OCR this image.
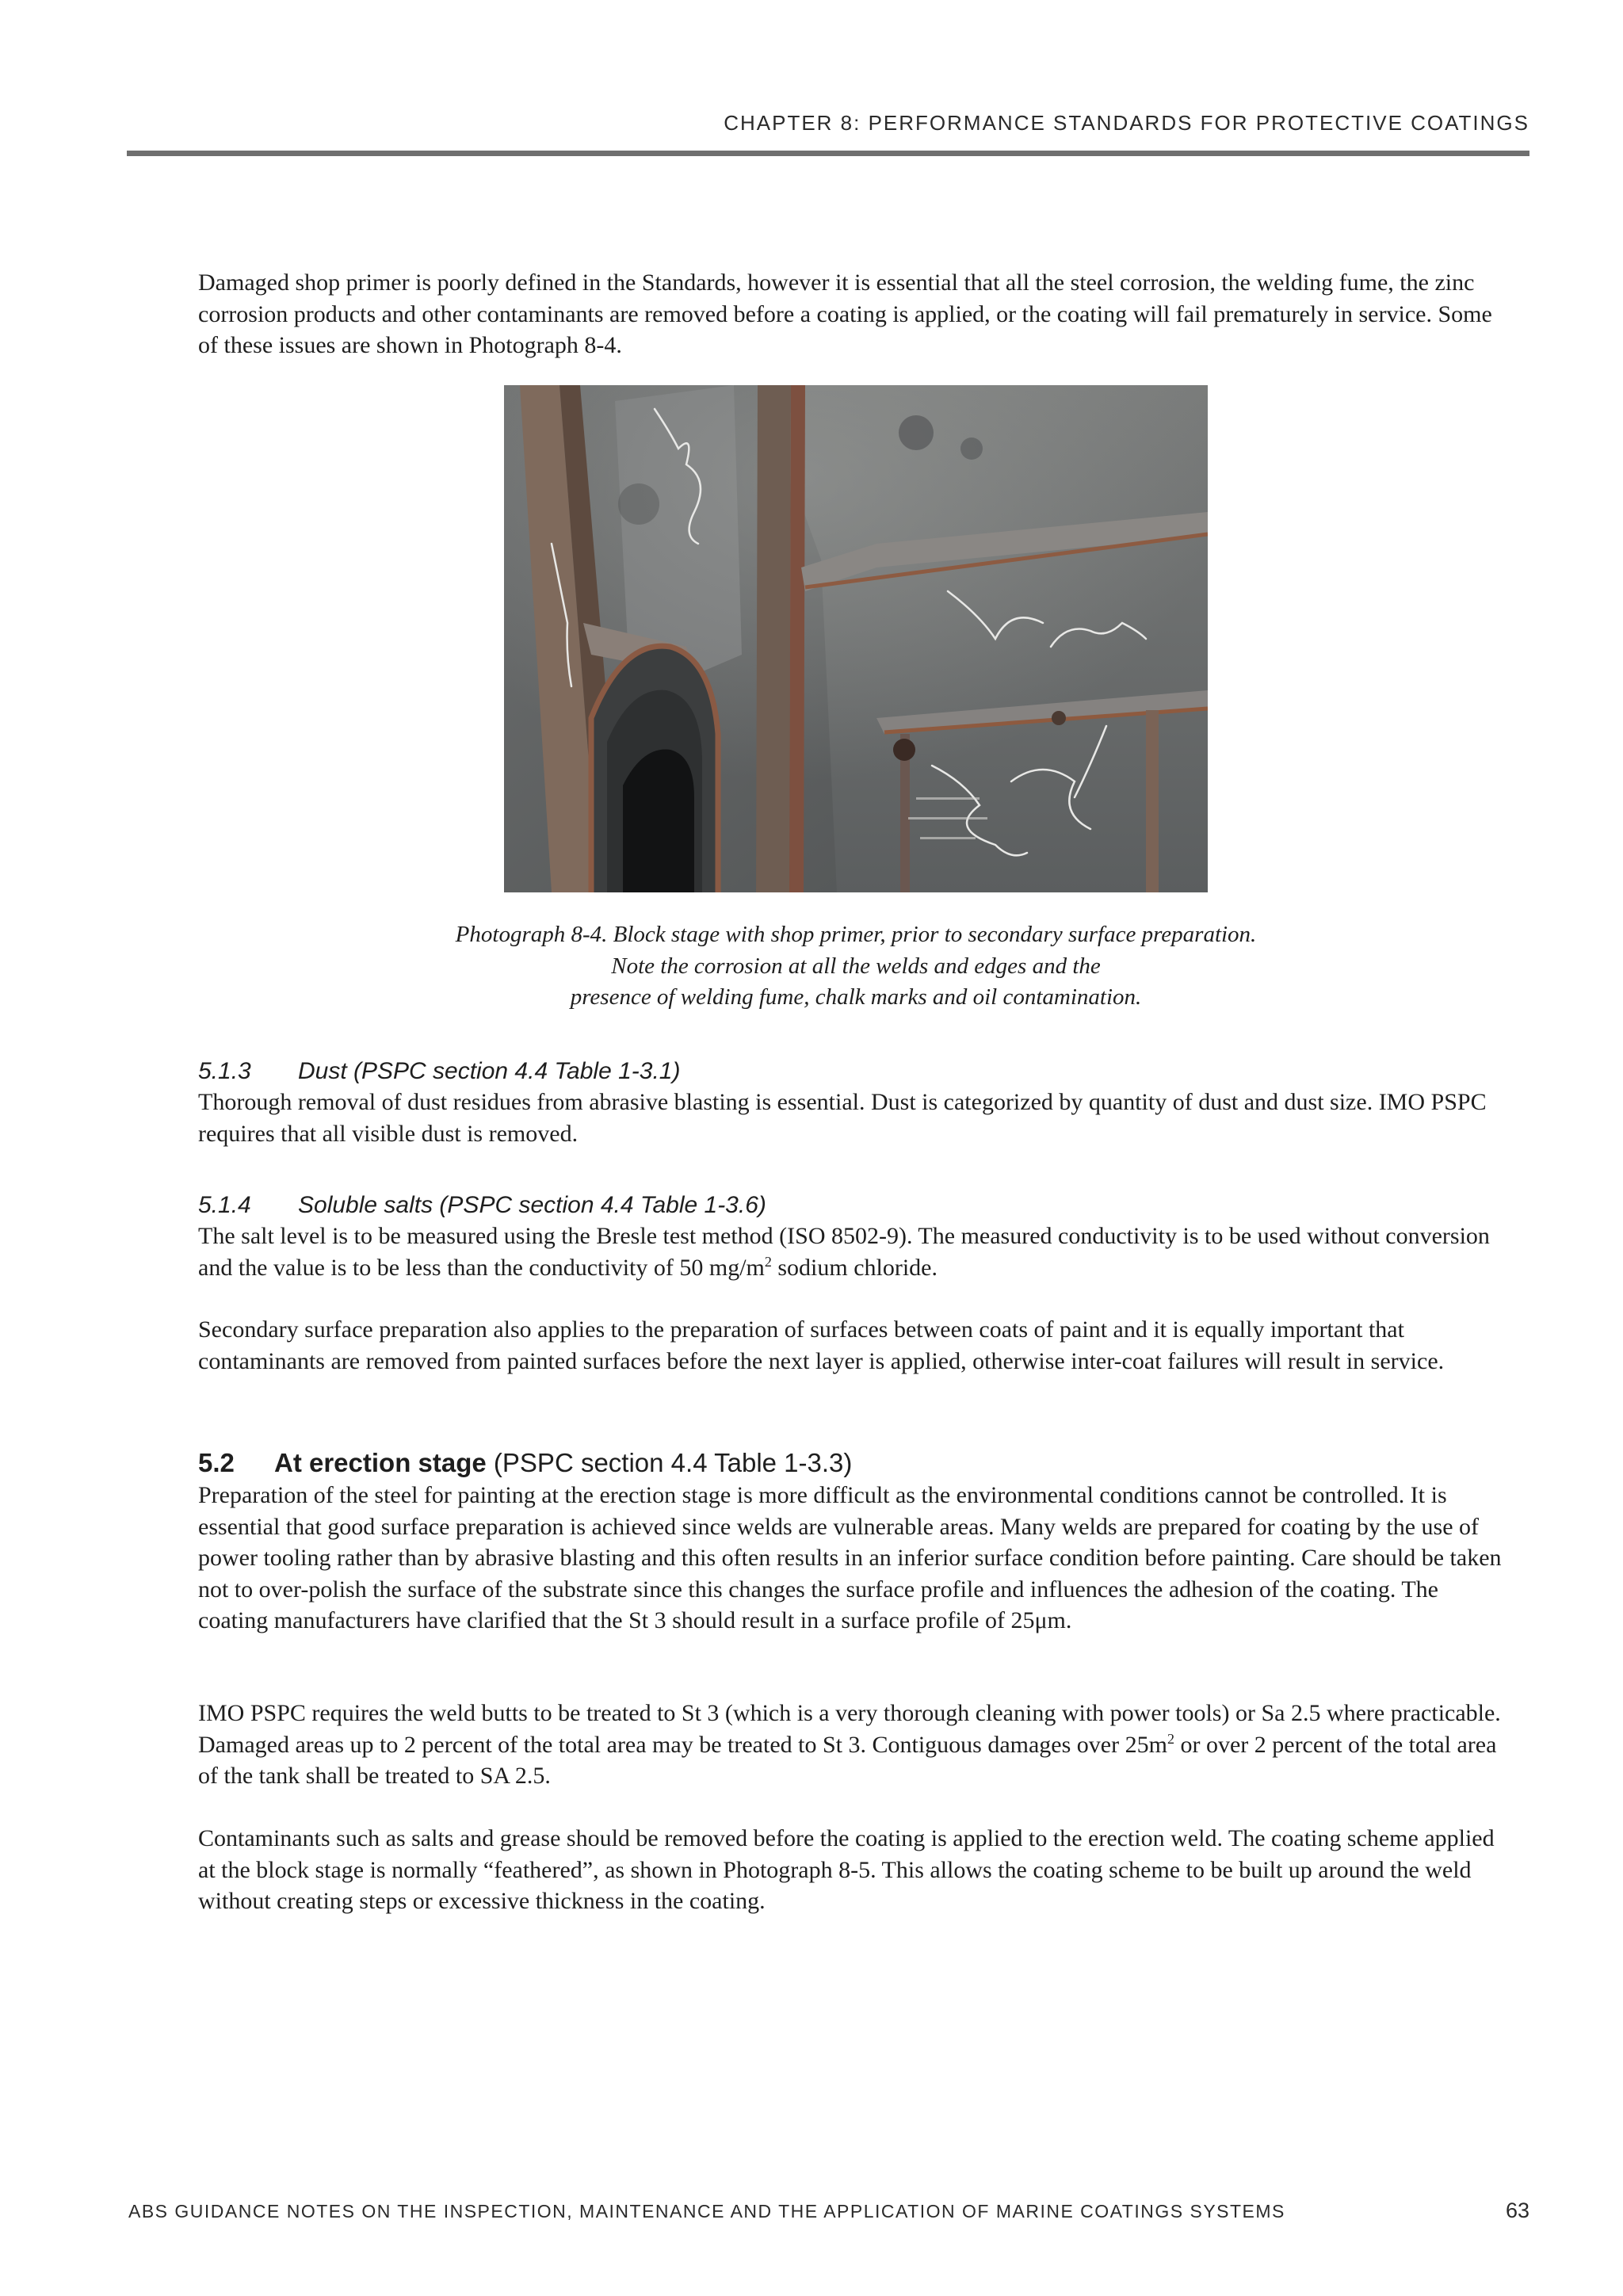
CHAPTER 8: PERFORMANCE STANDARDS FOR PROTECTIVE COATINGS

Damaged shop primer is poorly defined in the Standards, however it is essential that all the steel corrosion, the welding fume, the zinc corrosion products and other contaminants are removed before a coating is applied, or the coating will fail prematurely in service. Some of these issues are shown in Photograph 8-4.

Photograph 8-4. Block stage with shop primer, prior to secondary surface preparation.
Note the corrosion at all the welds and edges and the
presence of welding fume, chalk marks and oil contamination.
5.1.3 Dust (PSPC section 4.4 Table 1-3.1)

Thorough removal of dust residues from abrasive blasting is essential. Dust is categorized by quantity of dust and dust size. IMO PSPC requires that all visible dust is removed.

5.1.4 Soluble salts (PSPC section 4.4 Table 1-3.6)

The salt level is to be measured using the Bresle test method (ISO 8502-9). The measured conductivity is to be used without conversion and the value is to be less than the conductivity of 50 $mg/m^2$ sodium chloride.

Secondary surface preparation also applies to the preparation of surfaces between coats of paint and it is equally important that contaminants are removed from painted surfaces before the next layer is applied, otherwise inter-coat failures will result in service.

5.2 At erection stage (PSPC section 4.4 Table 1-3.3)

Preparation of the steel for painting at the erection stage is more difficult as the environmental conditions cannot be controlled. It is essential that good surface preparation is achieved since welds are vulnerable areas. Many welds are prepared for coating by the use of power tooling rather than by abrasive blasting and this often results in an inferior surface condition before painting. Care should be taken not to over-polish the surface of the substrate since this changes the surface profile and influences the adhesion of the coating. The coating manufacturers have clarified that the St 3 should result in a surface profile of 25μm.

IMO PSPC requires the weld butts to be treated to St 3 (which is a very thorough cleaning with power tools) or Sa 2.5 where practicable. Damaged areas up to 2 percent of the total area may be treated to St 3. Contiguous damages over $25m^2$ or over 2 percent of the total area of the tank shall be treated to SA 2.5.

Contaminants such as salts and grease should be removed before the coating is applied to the erection weld. The coating scheme applied at the block stage is normally “feathered”, as shown in Photograph 8-5. This allows the coating scheme to be built up around the weld without creating steps or excessive thickness in the coating.

ABS GUIDANCE NOTES ON THE INSPECTION, MAINTENANCE AND THE APPLICATION OF MARINE COATINGS SYSTEMS	63
